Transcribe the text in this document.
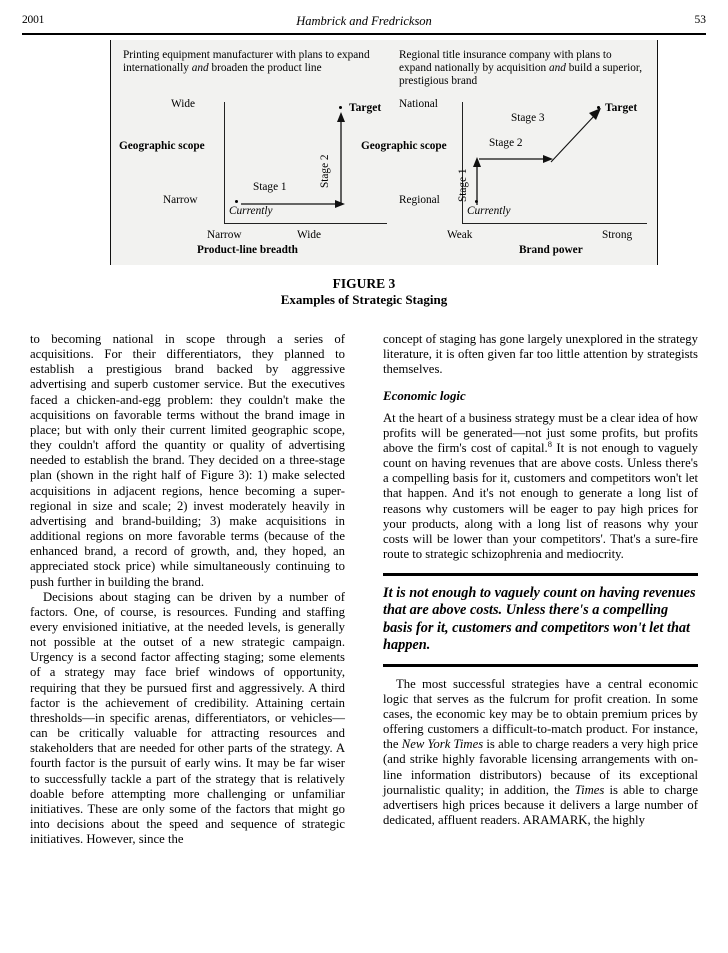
2001	Hambrick and Fredrickson	53
Printing equipment manufacturer with plans to expand internationally and broaden the product line
Wide
Narrow
Geographic scope
Narrow	Wide
Product-line breadth
Currently
Target
Stage 1	Stage 2
Regional title insurance company with plans to expand nationally by acquisition and build a superior, prestigious brand
National
Regional
Geographic scope
Weak	Strong
Brand power
Currently
Target
Stage 1
Stage 2
Stage 3
FIGURE 3
Examples of Strategic Staging

to becoming national in scope through a series of acquisitions. For their differentiators, they planned to establish a prestigious brand backed by aggressive advertising and superb customer service. But the executives faced a chicken-and-egg problem: they couldn't make the acquisitions on favorable terms without the brand image in place; but with only their current limited geographic scope, they couldn't afford the quantity or quality of advertising needed to establish the brand. They decided on a three-stage plan (shown in the right half of Figure 3): 1) make selected acquisitions in adjacent regions, hence becoming a super-regional in size and scale; 2) invest moderately heavily in advertising and brand-building; 3) make acquisitions in additional regions on more favorable terms (because of the enhanced brand, a record of growth, and, they hoped, an appreciated stock price) while simultaneously continuing to push further in building the brand.

Decisions about staging can be driven by a number of factors. One, of course, is resources. Funding and staffing every envisioned initiative, at the needed levels, is generally not possible at the outset of a new strategic campaign. Urgency is a second factor affecting staging; some elements of a strategy may face brief windows of opportunity, requiring that they be pursued first and aggressively. A third factor is the achievement of credibility. Attaining certain thresholds—in specific arenas, differentiators, or vehicles—can be critically valuable for attracting resources and stakeholders that are needed for other parts of the strategy. A fourth factor is the pursuit of early wins. It may be far wiser to successfully tackle a part of the strategy that is relatively doable before attempting more challenging or unfamiliar initiatives. These are only some of the factors that might go into decisions about the speed and sequence of strategic initiatives. However, since the

concept of staging has gone largely unexplored in the strategy literature, it is often given far too little attention by strategists themselves.

Economic logic

At the heart of a business strategy must be a clear idea of how profits will be generated—not just some profits, but profits above the firm's cost of capital.$^8$ It is not enough to vaguely count on having revenues that are above costs. Unless there's a compelling basis for it, customers and competitors won't let that happen. And it's not enough to generate a long list of reasons why customers will be eager to pay high prices for your products, along with a long list of reasons why your costs will be lower than your competitors'. That's a sure-fire route to strategic schizophrenia and mediocrity.

It is not enough to vaguely count on having revenues that are above costs. Unless there's a compelling basis for it, customers and competitors won't let that happen.

The most successful strategies have a central economic logic that serves as the fulcrum for profit creation. In some cases, the economic key may be to obtain premium prices by offering customers a difficult-to-match product. For instance, the New York Times is able to charge readers a very high price (and strike highly favorable licensing arrangements with on-line information distributors) because of its exceptional journalistic quality; in addition, the Times is able to charge advertisers high prices because it delivers a large number of dedicated, affluent readers. ARAMARK, the highly
